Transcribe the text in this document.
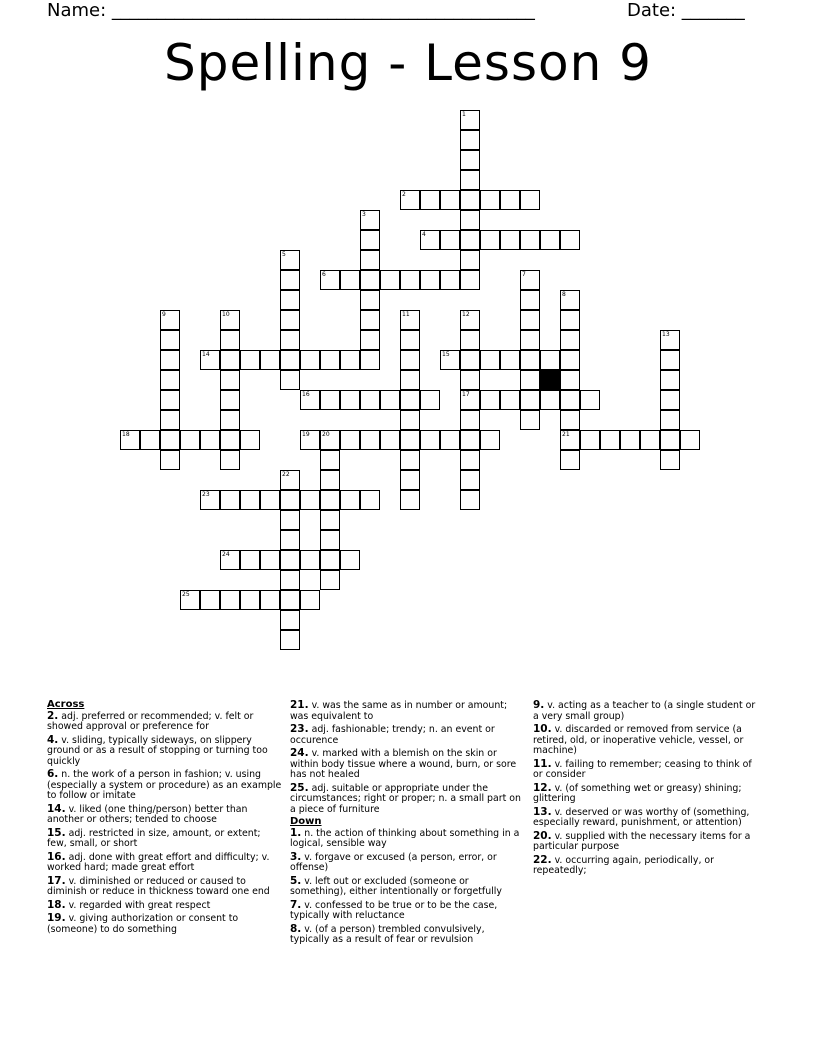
Name: _______________________________________________	Date: _______
Spelling - Lesson 9
1
2
3
4
5
6	7
8
21
9	10	11	12
17
13
14	15
16
18	19 20
22
23
24
25
Across
2. adj. preferred or recommended; v. felt or showed approval or preference for
4. v. sliding, typically sideways, on slippery ground or as a result of stopping or turning too quickly
6. n. the work of a person in fashion; v. using (especially a system or procedure) as an example to follow or imitate
14. v. liked (one thing/person) better than another or others; tended to choose
15. adj. restricted in size, amount, or extent; few, small, or short
16. adj. done with great effort and difficulty; v. worked hard; made great effort
17. v. diminished or reduced or caused to diminish or reduce in thickness toward one end
18. v. regarded with great respect
19. v. giving authorization or consent to (someone) to do something
21. v. was the same as in number or amount; was equivalent to
23. adj. fashionable; trendy; n. an event or occurence
24. v. marked with a blemish on the skin or within body tissue where a wound, burn, or sore has not healed
25. adj. suitable or appropriate under the circumstances; right or proper; n. a small part on a piece of furniture
Down
1. n. the action of thinking about something in a logical, sensible way
3. v. forgave or excused (a person, error, or offense)
5. v. left out or excluded (someone or something), either intentionally or forgetfully
7. v. confessed to be true or to be the case, typically with reluctance
8. v. (of a person) trembled convulsively, typically as a result of fear or revulsion
9. v. acting as a teacher to (a single student or a very small group)
10. v. discarded or removed from service (a retired, old, or inoperative vehicle, vessel, or machine)
11. v. failing to remember; ceasing to think of or consider
12. v. (of something wet or greasy) shining; glittering
13. v. deserved or was worthy of (something, especially reward, punishment, or attention)
20. v. supplied with the necessary items for a particular purpose
22. v. occurring again, periodically, or repeatedly;
